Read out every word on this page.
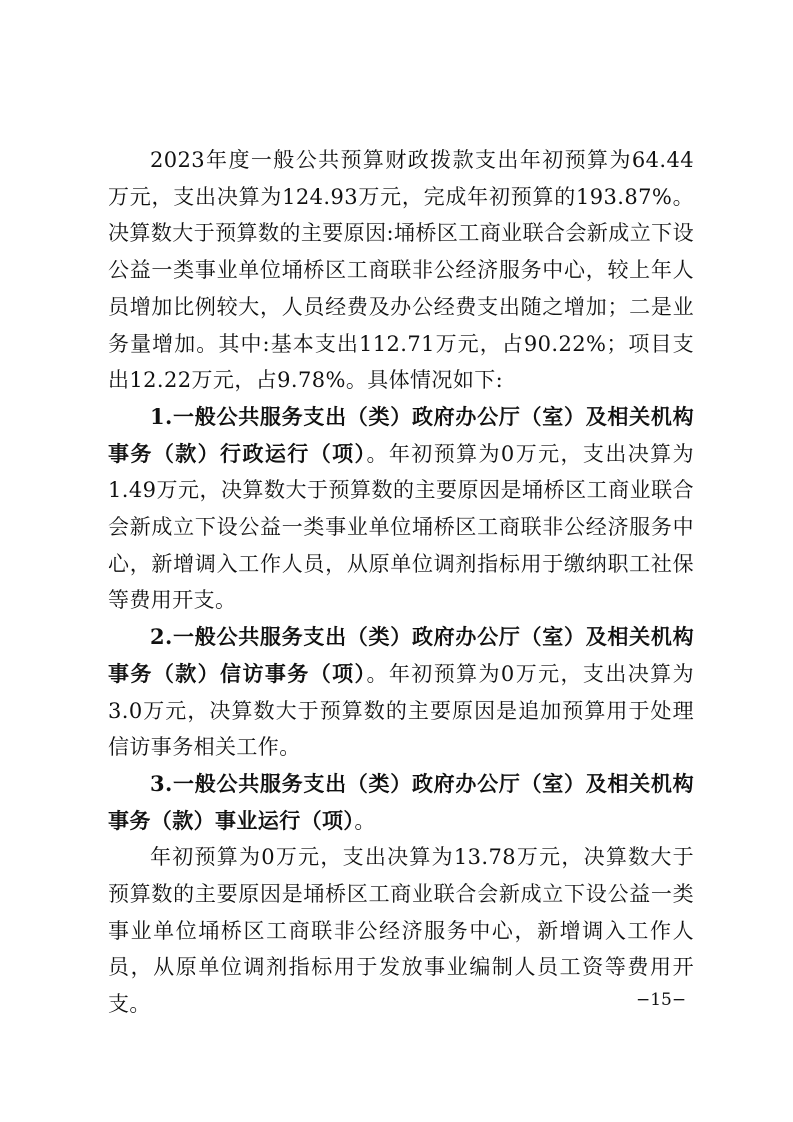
2023年度一般公共预算财政拨款支出年初预算为64.44万元，支出决算为124.93万元，完成年初预算的193.87%。决算数大于预算数的主要原因:埇桥区工商业联合会新成立下设公益一类事业单位埇桥区工商联非公经济服务中心，较上年人员增加比例较大，人员经费及办公经费支出随之增加；二是业务量增加。其中:基本支出112.71万元，占90.22%；项目支出12.22万元，占9.78%。具体情况如下:

1.一般公共服务支出（类）政府办公厅（室）及相关机构事务（款）行政运行（项）。年初预算为0万元，支出决算为1.49万元，决算数大于预算数的主要原因是埇桥区工商业联合会新成立下设公益一类事业单位埇桥区工商联非公经济服务中心，新增调入工作人员，从原单位调剂指标用于缴纳职工社保等费用开支。

2.一般公共服务支出（类）政府办公厅（室）及相关机构事务（款）信访事务（项）。年初预算为0万元，支出决算为3.0万元，决算数大于预算数的主要原因是追加预算用于处理信访事务相关工作。

3.一般公共服务支出（类）政府办公厅（室）及相关机构事务（款）事业运行（项）。

年初预算为0万元，支出决算为13.78万元，决算数大于预算数的主要原因是埇桥区工商业联合会新成立下设公益一类事业单位埇桥区工商联非公经济服务中心，新增调入工作人员，从原单位调剂指标用于发放事业编制人员工资等费用开支。	−15−
